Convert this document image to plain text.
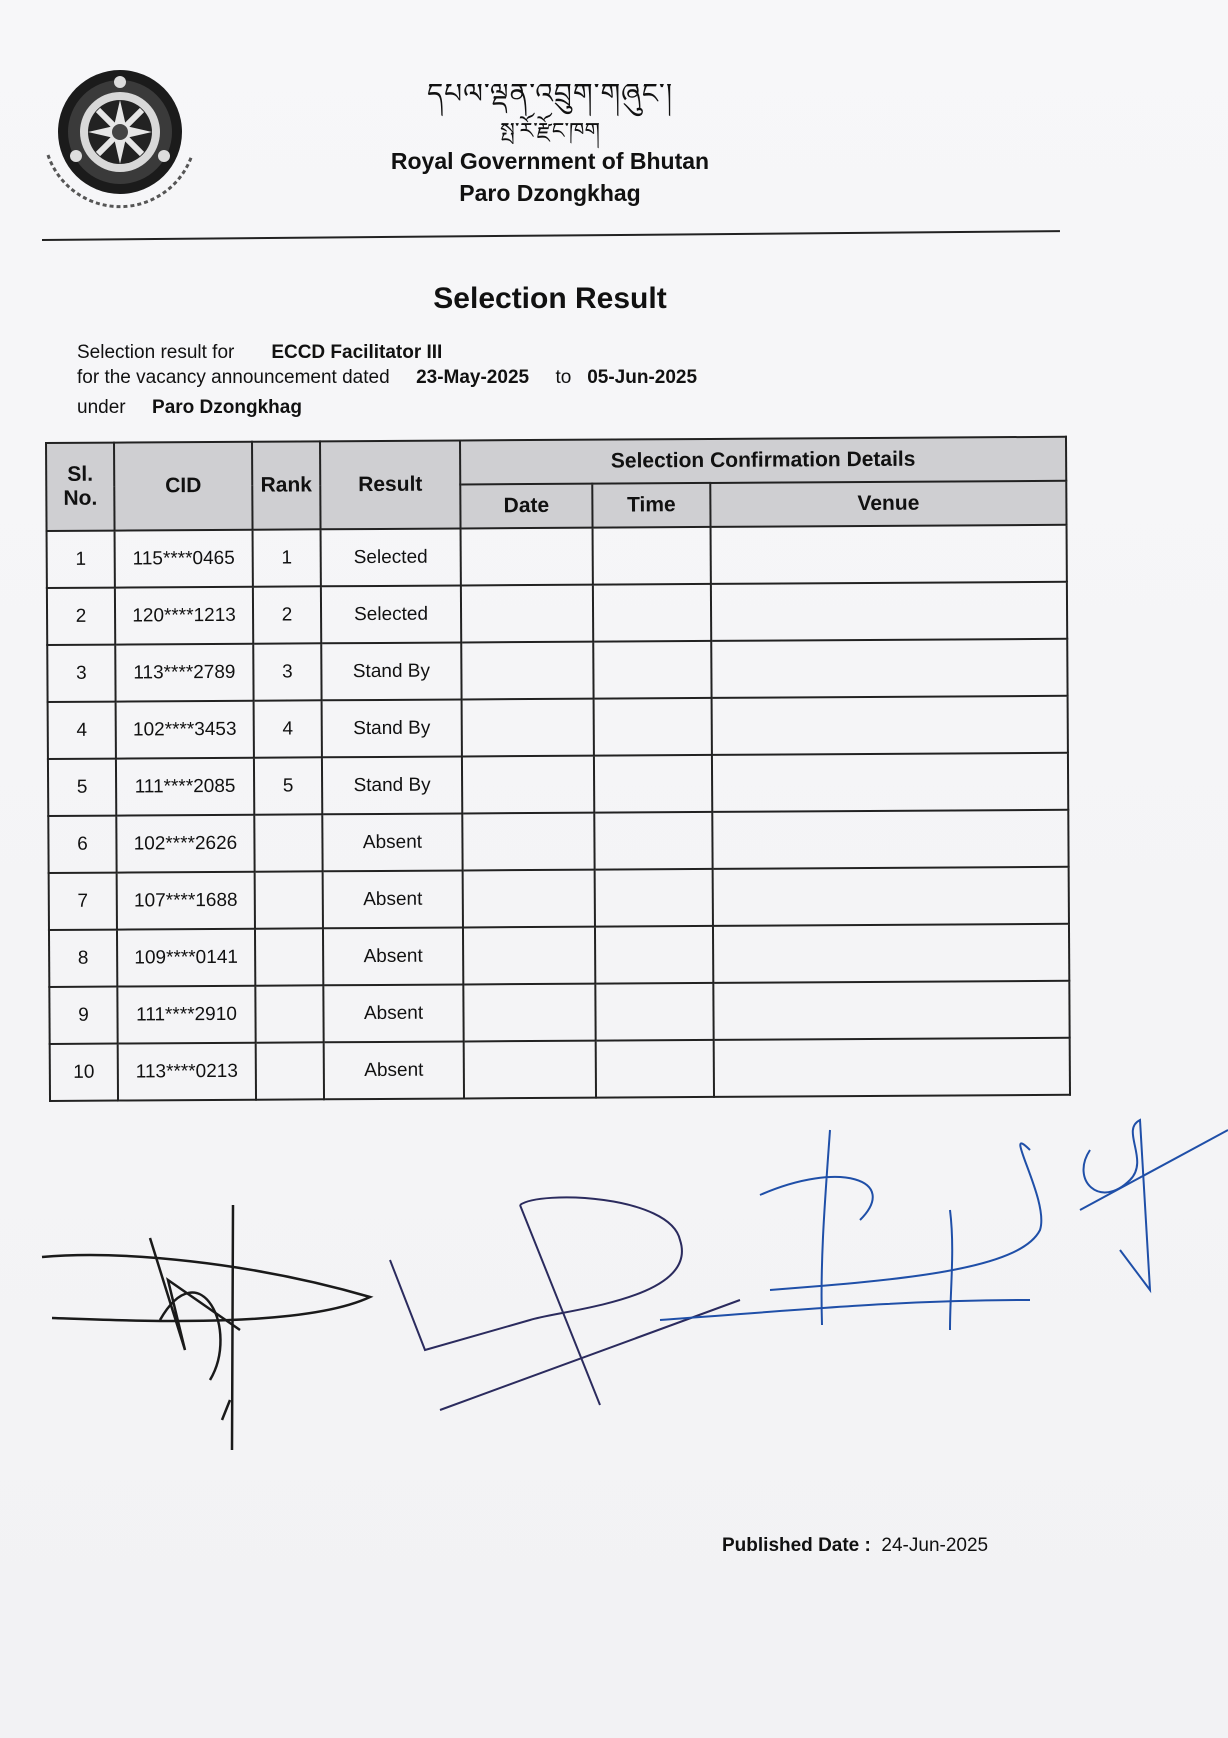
དཔལ་ལྡན་འབྲུག་གཞུང་།
སྤ་རོ་རྫོང་ཁག
Royal Government of Bhutan
Paro Dzongkhag
Selection Result
Selection result for ECCD Facilitator III
for the vacancy announcement dated 23-May-2025 to 05-Jun-2025
under Paro Dzongkhag
Sl. No.	CID	Rank	Result	Selection Confirmation Details		
				Date	Time	Venue
1	115****0465	1	Selected			
2	120****1213	2	Selected			
3	113****2789	3	Stand By			
4	102****3453	4	Stand By			
5	111****2085	5	Stand By			
6	102****2626		Absent			
7	107****1688		Absent			
8	109****0141		Absent			
9	111****2910		Absent			
10	113****0213		Absent			
Published Date : 24-Jun-2025
